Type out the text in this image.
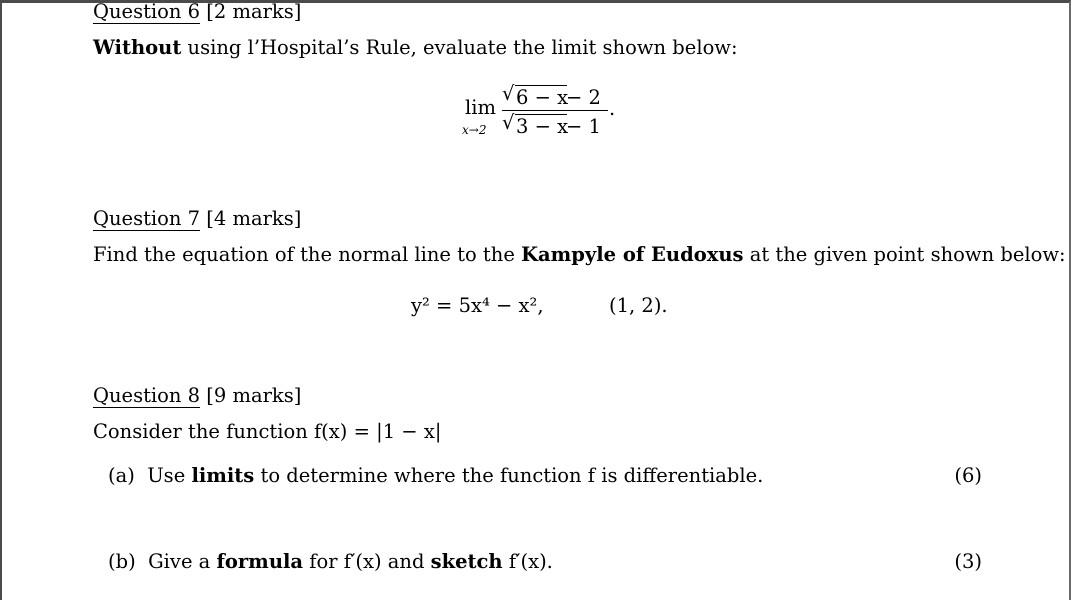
Question 6 [2 marks]
Without using l’Hospital’s Rule, evaluate the limit shown below:
lim
x→2
√ 6 − x
− 2
√ 3 − x
− 1
.
Question 7 [4 marks]
Find the equation of the normal line to the Kampyle of Eudoxus at the given point shown below:
y² = 5x⁴ − x²,	(1, 2).
Question 8 [9 marks]
Consider the function f(x) = |1 − x|
(a) Use limits to determine where the function f is differentiable.	(6)
(b) Give a formula for f′(x) and sketch f′(x).	(3)
